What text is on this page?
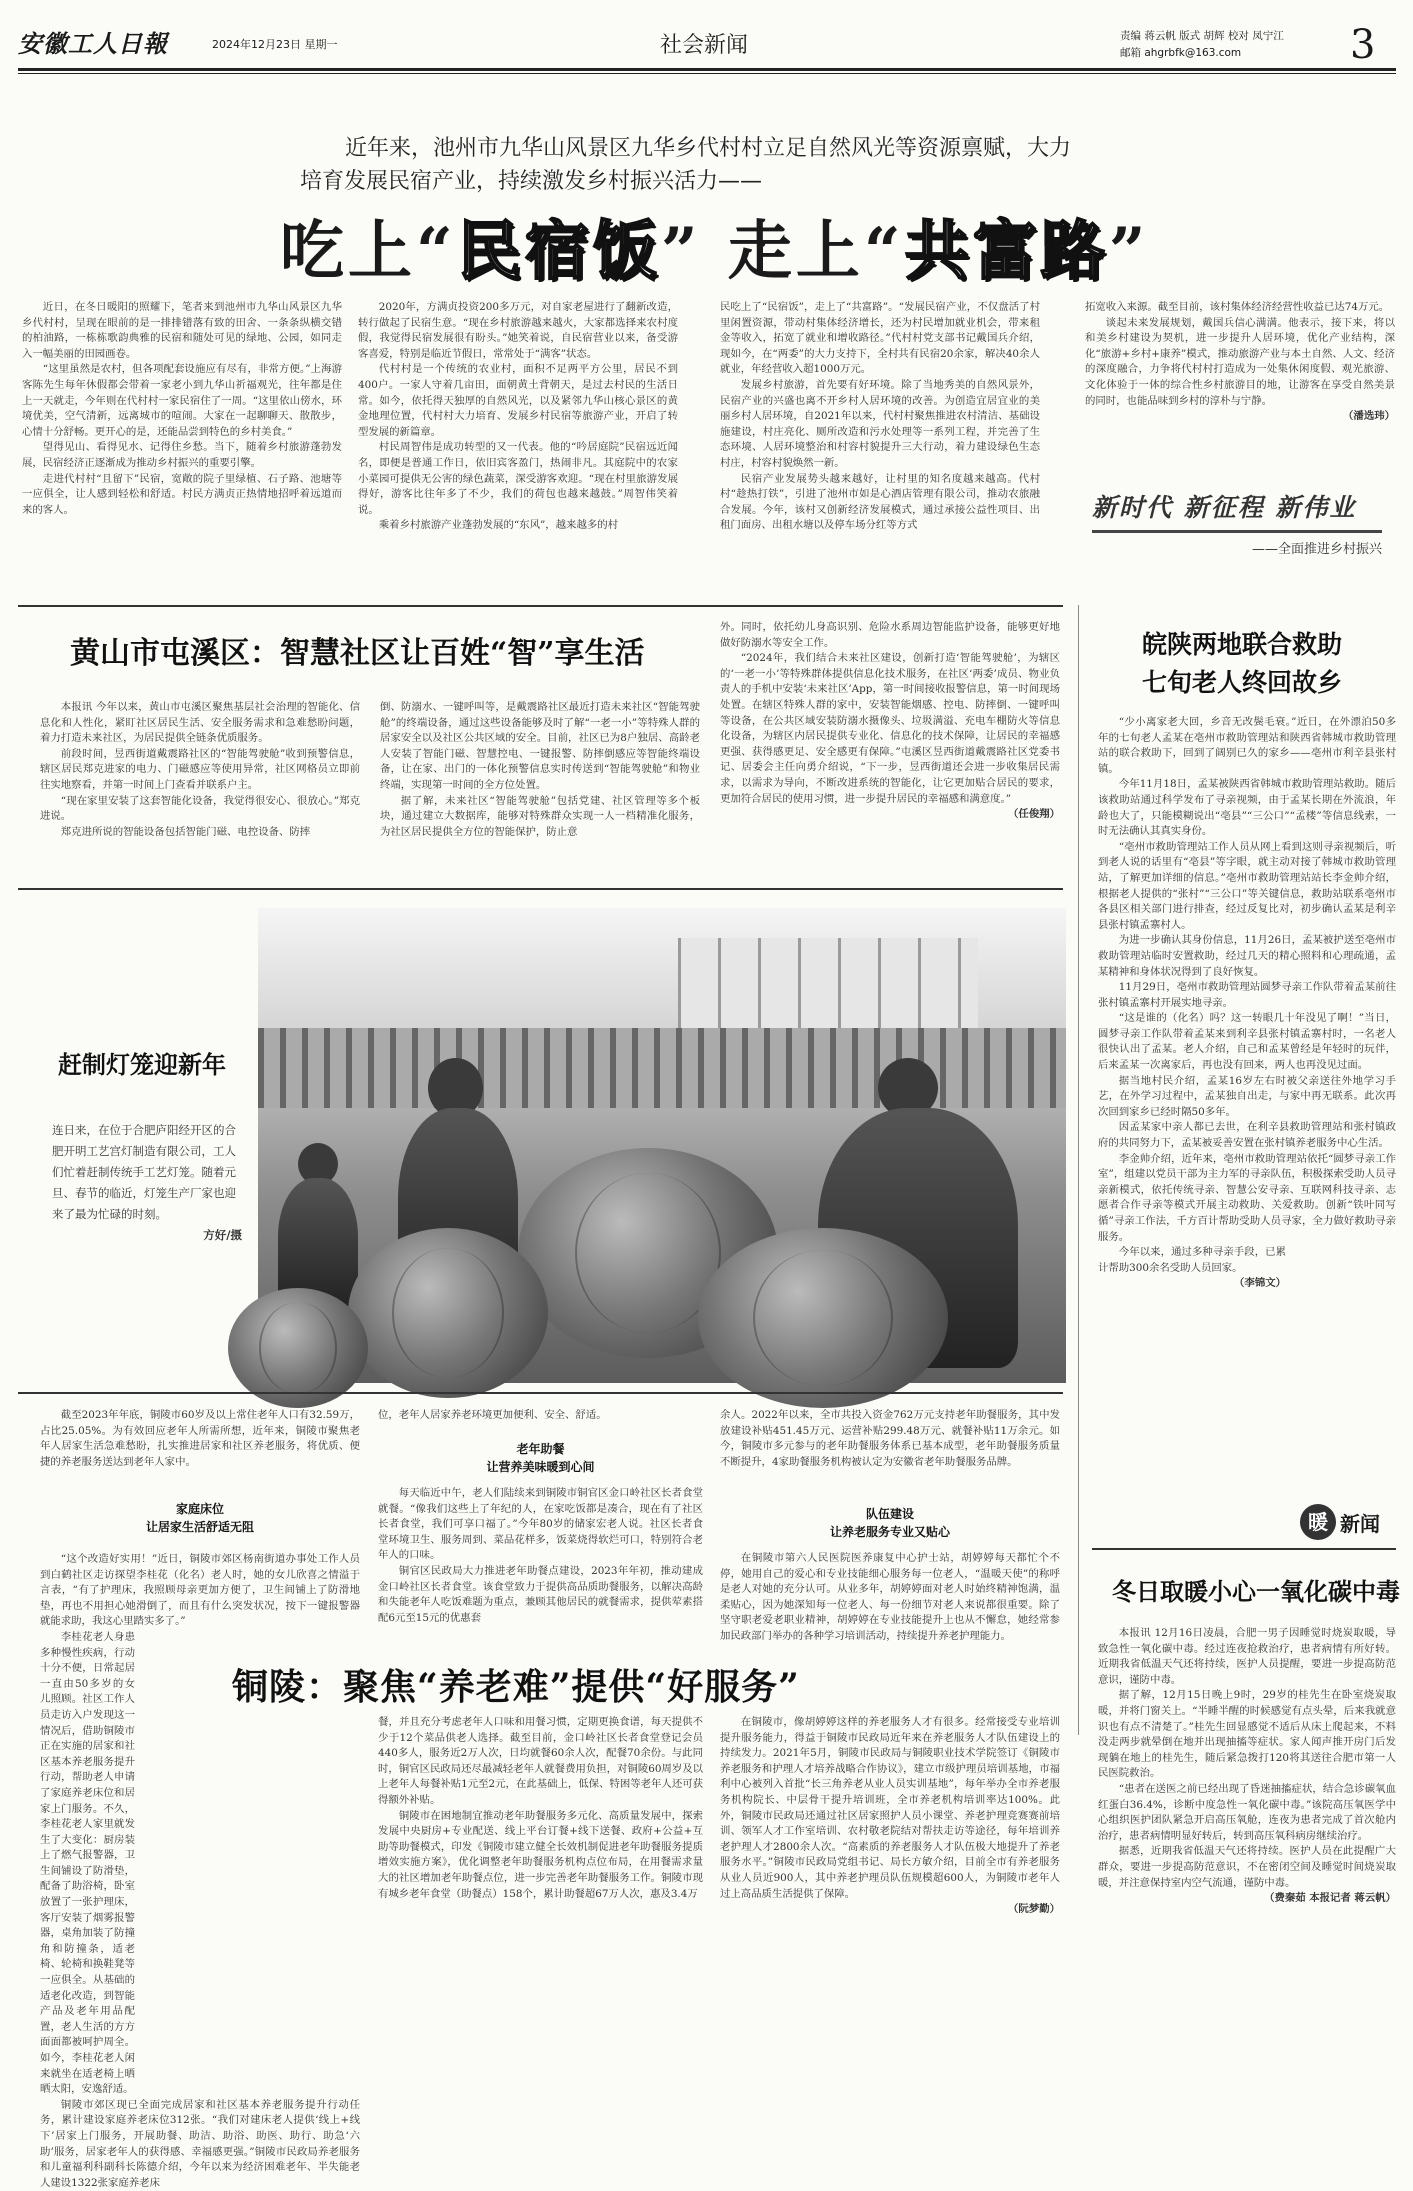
安徽工人日報	2024年12月23日 星期一	社会新闻	责编 蒋云帆 版式 胡辉 校对 凤宁江
邮箱 ahgrbfk@163.com	3
近年来，池州市九华山风景区九华乡代村村立足自然风光等资源禀赋，大力
培育发展民宿产业，持续激发乡村振兴活力——
吃上“民宿饭” 走上“共富路”

近日，在冬日暖阳的照耀下，笔者来到池州市九华山风景区九华乡代村村，呈现在眼前的是一排排错落有致的田舍、一条条纵横交错的柏油路，一栋栋歌韵典雅的民宿和随处可见的绿地、公园，如同走入一幅美丽的田园画卷。

“这里虽然是农村，但各项配套设施应有尽有，非常方便。”上海游客陈先生每年休假都会带着一家老小到九华山祈福观光，往年都是住上一天就走，今年则在代村村一家民宿住了一周。“这里依山傍水，环境优美，空气清新，远离城市的喧闹。大家在一起聊聊天、散散步，心情十分舒畅。更开心的是，还能品尝到特色的乡村美食。”

望得见山、看得见水、记得住乡愁。当下，随着乡村旅游蓬勃发展，民宿经济正逐渐成为推动乡村振兴的重要引擎。

走进代村村“且留下”民宿，宽敞的院子里绿植、石子路、池塘等一应俱全，让人感到轻松和舒适。村民方满贞正热情地招呼着远道而来的客人。

2020年，方满贞投资200多万元，对自家老屋进行了翻新改造，转行做起了民宿生意。“现在乡村旅游越来越火，大家都选择来农村度假，我觉得民宿发展很有盼头。”她笑着说，自民宿营业以来，备受游客喜爱，特别是临近节假日，常常处于“满客”状态。

代村村是一个传统的农业村，面积不足两平方公里，居民不到400户。一家人守着几亩田，面朝黄土背朝天，是过去村民的生活日常。如今，依托得天独厚的自然风光，以及紧邻九华山核心景区的黄金地理位置，代村村大力培育、发展乡村民宿等旅游产业，开启了转型发展的新篇章。

村民周智伟是成功转型的又一代表。他的“吟居庭院”民宿远近闻名，即便是普通工作日，依旧宾客盈门，热闹非凡。其庭院中的农家小菜园可提供无公害的绿色蔬菜，深受游客欢迎。“现在村里旅游发展得好，游客比往年多了不少，我们的荷包也越来越鼓。”周智伟笑着说。

乘着乡村旅游产业蓬勃发展的“东风”，越来越多的村

民吃上了“民宿饭”，走上了“共富路”。“发展民宿产业，不仅盘活了村里闲置资源，带动村集体经济增长，还为村民增加就业机会，带来租金等收入，拓宽了就业和增收路径。”代村村党支部书记戴国兵介绍，现如今，在“两委”的大力支持下，全村共有民宿20余家，解决40余人就业，年经营收入超1000万元。

发展乡村旅游，首先要有好环境。除了当地秀美的自然风景外，民宿产业的兴盛也离不开乡村人居环境的改善。为创造宜居宜业的美丽乡村人居环境，自2021年以来，代村村聚焦推进农村清洁、基础设施建设，村庄亮化、厕所改造和污水处理等一系列工程，并完善了生态环境、人居环境整治和村容村貌提升三大行动，着力建设绿色生态村庄，村容村貌焕然一新。

民宿产业发展势头越来越好，让村里的知名度越来越高。代村村“趁热打铁”，引进了池州市如是心酒店管理有限公司，推动农旅融合发展。今年，该村又创新经济发展模式，通过承接公益性项目、出租门面房、出租水塘以及停车场分红等方式

拓宽收入来源。截至目前，该村集体经济经营性收益已达74万元。

谈起未来发展规划，戴国兵信心满满。他表示，接下来，将以和美乡村建设为契机，进一步提升人居环境，优化产业结构，深化“旅游+乡村+康养”模式，推动旅游产业与本土自然、人文、经济的深度融合，力争将代村村打造成为一处集休闲度假、观光旅游、文化体验于一体的综合性乡村旅游目的地，让游客在享受自然美景的同时，也能品味到乡村的淳朴与宁静。

（潘选玮）

新时代 新征程 新伟业
——全面推进乡村振兴
黄山市屯溪区：智慧社区让百姓“智”享生活

本报讯 今年以来，黄山市屯溪区聚焦基层社会治理的智能化、信息化和人性化，紧盯社区居民生活、安全服务需求和急难愁盼问题，着力打造未来社区，为居民提供全链条优质服务。

前段时间，昱西街道戴震路社区的“智能驾驶舱”收到预警信息，辖区居民郑克进家的电力、门磁感应等使用异常，社区网格员立即前往实地察看，并第一时间上门查看并联系户主。

“现在家里安装了这套智能化设备，我觉得很安心、很放心。”郑克进说。

郑克进所说的智能设备包括智能门磁、电控设备、防摔

倒、防溺水、一键呼叫等，是戴震路社区最近打造未来社区“智能驾驶舱”的终端设备，通过这些设备能够及时了解“一老一小”等特殊人群的居家安全以及社区公共区域的安全。目前，社区已为8户独居、高龄老人安装了智能门磁、智慧控电、一键报警、防摔倒感应等智能终端设备，让在家、出门的一体化预警信息实时传送到“智能驾驶舱”和物业终端，实现第一时间的全方位处置。

据了解，未来社区“智能驾驶舱”包括党建、社区管理等多个板块，通过建立大数据库，能够对特殊群众实现一人一档精准化服务，为社区居民提供全方位的智能保护，防止意

外。同时，依托幼儿身高识别、危险水系周边智能监护设备，能够更好地做好防溺水等安全工作。

“2024年，我们结合未来社区建设，创新打造‘智能驾驶舱’，为辖区的‘一老一小’等特殊群体提供信息化技术服务，在社区‘两委’成员、物业负责人的手机中安装‘未来社区’App，第一时间接收报警信息，第一时间现场处置。在辖区特殊人群的家中，安装智能烟感、控电、防摔倒、一键呼叫等设备，在公共区域安装防溺水摄像头、垃圾满溢、充电车棚防火等信息化设备，为辖区内居民提供专业化、信息化的技术保障，让居民的幸福感更强、获得感更足、安全感更有保障。”屯溪区昱西街道戴震路社区党委书记、居委会主任向勇介绍说，“下一步，昱西街道还会进一步收集居民需求，以需求为导向，不断改进系统的智能化，让它更加贴合居民的要求，更加符合居民的使用习惯，进一步提升居民的幸福感和满意度。”

（任俊翔）

赶制灯笼迎新年
连日来，在位于合肥庐阳经开区的合肥开明工艺宫灯制造有限公司，工人们忙着赶制传统手工艺灯笼。随着元旦、春节的临近，灯笼生产厂家也迎来了最为忙碌的时刻。
方好/摄
皖陕两地联合救助
七旬老人终回故乡

“少小离家老大回，乡音无改鬓毛衰。”近日，在外漂泊50多年的七旬老人孟某在亳州市救助管理站和陕西省韩城市救助管理站的联合救助下，回到了阔别已久的家乡——亳州市利辛县张村镇。

今年11月18日，孟某被陕西省韩城市救助管理站救助。随后该救助站通过科学发布了寻亲视频，由于孟某长期在外流浪，年龄也大了，只能模糊说出“亳县”“三公口”“孟楼”等信息线索，一时无法确认其真实身份。

“亳州市救助管理站工作人员从网上看到这则寻亲视频后，听到老人说的话里有“亳县”等字眼，就主动对接了韩城市救助管理站，了解更加详细的信息。”亳州市救助管理站站长李金帅介绍，根据老人提供的“张村”“三公口”等关键信息，救助站联系亳州市各县区相关部门进行排查，经过反复比对，初步确认孟某是利辛县张村镇孟寨村人。

为进一步确认其身份信息，11月26日，孟某被护送至亳州市救助管理站临时安置救助，经过几天的精心照料和心理疏通，孟某精神和身体状况得到了良好恢复。

11月29日，亳州市救助管理站圆梦寻亲工作队带着孟某前往张村镇孟寨村开展实地寻亲。

“这是谁的（化名）吗？这一转眼几十年没见了啊！”当日，圆梦寻亲工作队带着孟某来到利辛县张村镇孟寨村时，一名老人很快认出了孟某。老人介绍，自己和孟某曾经是年轻时的玩伴，后来孟某一次离家后，再也没有回来，两人也再没见过面。

据当地村民介绍，孟某16岁左右时被父亲送往外地学习手艺，在外学习过程中，孟某独自出走，与家中再无联系。此次再次回到家乡已经时隔50多年。

因孟某家中亲人都已去世，在利辛县救助管理站和张村镇政府的共同努力下，孟某被妥善安置在张村镇养老服务中心生活。

李金帅介绍，近年来，亳州市救助管理站依托“圆梦寻亲工作室”，组建以党员干部为主力军的寻亲队伍，积极探索受助人员寻亲新模式，依托传统寻亲、智慧公安寻亲、互联网科技寻亲、志愿者合作寻亲等模式开展主动救助、关爱救助。创新“铁叶同写循”寻亲工作法，千方百计帮助受助人员寻家，全力做好救助寻亲服务。

今年以来，通过多种寻亲手段，已累计帮助300余名受助人员回家。

（李锦文）

暖 新闻
冬日取暖小心一氧化碳中毒

本报讯 12月16日凌晨，合肥一男子因睡觉时烧炭取暖，导致急性一氧化碳中毒。经过连夜抢救治疗，患者病情有所好转。近期我省低温天气还将持续，医护人员提醒，要进一步提高防范意识，谨防中毒。

据了解，12月15日晚上9时，29岁的桂先生在卧室烧炭取暖，并将门窗关上。“半睡半醒的时候感觉有点头晕，后来我就意识也有点不清楚了。”桂先生回显感觉不适后从床上爬起来，不料没走两步就晕倒在地并出现抽搐等症状。家人闻声推开房门后发现躺在地上的桂先生，随后紧急拨打120将其送往合肥市第一人民医院救治。

“患者在送医之前已经出现了昏迷抽搐症状，结合急诊碳氧血红蛋白36.4%，诊断中度急性一氧化碳中毒。”该院高压氧医学中心组织医护团队紧急开启高压氧舱，连夜为患者完成了首次舱内治疗，患者病情明显好转后，转到高压氧科病房继续治疗。

据悉，近期我省低温天气还将持续。医护人员在此提醒广大群众，要进一步提高防范意识，不在密闭空间及睡觉时间烧炭取暖，并注意保持室内空气流通，谨防中毒。

（费秦茹 本报记者 蒋云帆）

截至2023年年底，铜陵市60岁及以上常住老年人口有32.59万，占比25.05%。为有效回应老年人所需所想，近年来，铜陵市聚焦老年人居家生活急难愁盼，扎实推进居家和社区养老服务，将优质、便捷的养老服务送达到老年人家中。

家庭床位

让居家生活舒适无阻

“这个改造好实用！”近日，铜陵市郊区杨南街道办事处工作人员到白鹤社区走访探望李桂花（化名）老人时，她的女儿欣喜之情溢于言表，“有了护理床，我照顾母亲更加方便了，卫生间铺上了防滑地垫，再也不用担心她滑倒了，而且有什么突发状况，按下一键报警器就能求助，我这心里踏实多了。”

李桂花老人身患多种慢性疾病，行动十分不便，日常起居一直由50多岁的女儿照顾。社区工作人员走访入户发现这一情况后，借助铜陵市正在实施的居家和社区基本养老服务提升行动，帮助老人申请了家庭养老床位和居家上门服务。不久，李桂花老人家里就发生了大变化：厨房装上了燃气报警器，卫生间铺设了防滑垫，配备了助浴椅，卧室放置了一张护理床，客厅安装了烟雾报警器，桌角加装了防撞角和防撞条，适老椅、轮椅和换鞋凳等一应俱全。从基础的适老化改造，到智能产品及老年用品配置，老人生活的方方面面都被呵护周全。如今，李桂花老人闲来就坐在适老椅上晒晒太阳，安逸舒适。

铜陵市郊区现已全面完成居家和社区基本养老服务提升行动任务，累计建设家庭养老床位312张。“我们对建床老人提供‘线上+线下’居家上门服务，开展助餐、助洁、助浴、助医、助行、助急‘六助’服务，居家老年人的获得感、幸福感更强。”铜陵市民政局养老服务和儿童福利科副科长陈德介绍，今年以来为经济困难老年、半失能老人建设1322张家庭养老床

位，老年人居家养老环境更加便利、安全、舒适。

老年助餐

让营养美味暖到心间

每天临近中午，老人们陆续来到铜陵市铜官区金口岭社区长者食堂就餐。“像我们这些上了年纪的人，在家吃饭都是凑合，现在有了社区长者食堂，我们可享口福了。”今年80岁的储家宏老人说。社区长者食堂环境卫生、服务周到、菜品花样多，饭菜烧得软烂可口，特别符合老年人的口味。

铜官区民政局大力推进老年助餐点建设，2023年年初，推动建成金口岭社区长者食堂。该食堂致力于提供高品质助餐服务，以解决高龄和失能老年人吃饭难题为重点，兼顾其他居民的就餐需求，提供荤素搭配6元至15元的优惠套

余人。2022年以来，全市共投入资金762万元支持老年助餐服务，其中发放建设补贴451.45万元、运营补贴299.48万元、就餐补贴11万余元。如今，铜陵市多元参与的老年助餐服务体系已基本成型，老年助餐服务质量不断提升，4家助餐服务机构被认定为安徽省老年助餐服务品牌。

队伍建设

让养老服务专业又贴心

在铜陵市第六人民医院医养康复中心护士站，胡婷婷每天都忙个不停，她用自己的爱心和专业技能细心服务每一位老人，“温暖天使”的称呼是老人对她的充分认可。从业多年，胡婷婷面对老人时始终精神饱满，温柔贴心，因为她深知每一位老人、每一份细节对老人来说都很重要。除了坚守职老爱老职业精神，胡婷婷在专业技能提升上也从不懈怠，她经常参加民政部门举办的各种学习培训活动，持续提升养老护理能力。

铜陵：聚焦“养老难”提供“好服务”

餐，并且充分考虑老年人口味和用餐习惯，定期更换食谱，每天提供不少于12个菜品供老人选择。截至目前，金口岭社区长者食堂登记会员440多人，服务近2万人次，日均就餐60余人次，配餐70余份。与此同时，铜官区民政局还尽最减轻老年人就餐费用负担，对铜陵60周岁及以上老年人每餐补贴1元至2元，在此基础上，低保、特困等老年人还可获得额外补贴。

铜陵市在困地制宜推动老年助餐服务多元化、高质量发展中，探索发展中央厨房+专业配送、线上平台订餐+线下送餐、政府+公益+互助等助餐模式，印发《铜陵市建立健全长效机制促进老年助餐服务提质增效实施方案》，优化调整老年助餐服务机构点位布局，在用餐需求量大的社区增加老年助餐点位，进一步完善老年助餐服务工作。铜陵市现有城乡老年食堂（助餐点）158个，累计助餐超67万人次，惠及3.4万

在铜陵市，像胡婷婷这样的养老服务人才有很多。经常接受专业培训提升服务能力，得益于铜陵市民政局近年来在养老服务人才队伍建设上的持续发力。2021年5月，铜陵市民政局与铜陵职业技术学院签订《铜陵市养老服务和护理人才培养战略合作协议》，建立市级护理员培训基地，市福利中心被列入首批“长三角养老从业人员实训基地”，每年举办全市养老服务机构院长、中层骨干提升培训班，全市养老机构培训率达100%。此外，铜陵市民政局还通过社区居家照护人员小课堂、养老护理竞赛赛前培训、领军人才工作室培训、农村敬老院结对帮扶走访等途径，每年培训养老护理人才2800余人次。“高素质的养老服务人才队伍极大地提升了养老服务水平。”铜陵市民政局党组书记、局长方敏介绍，目前全市有养老服务从业人员近900人，其中养老护理员队伍规模超600人，为铜陵市老年人过上高品质生活提供了保障。

（阮梦勤）
